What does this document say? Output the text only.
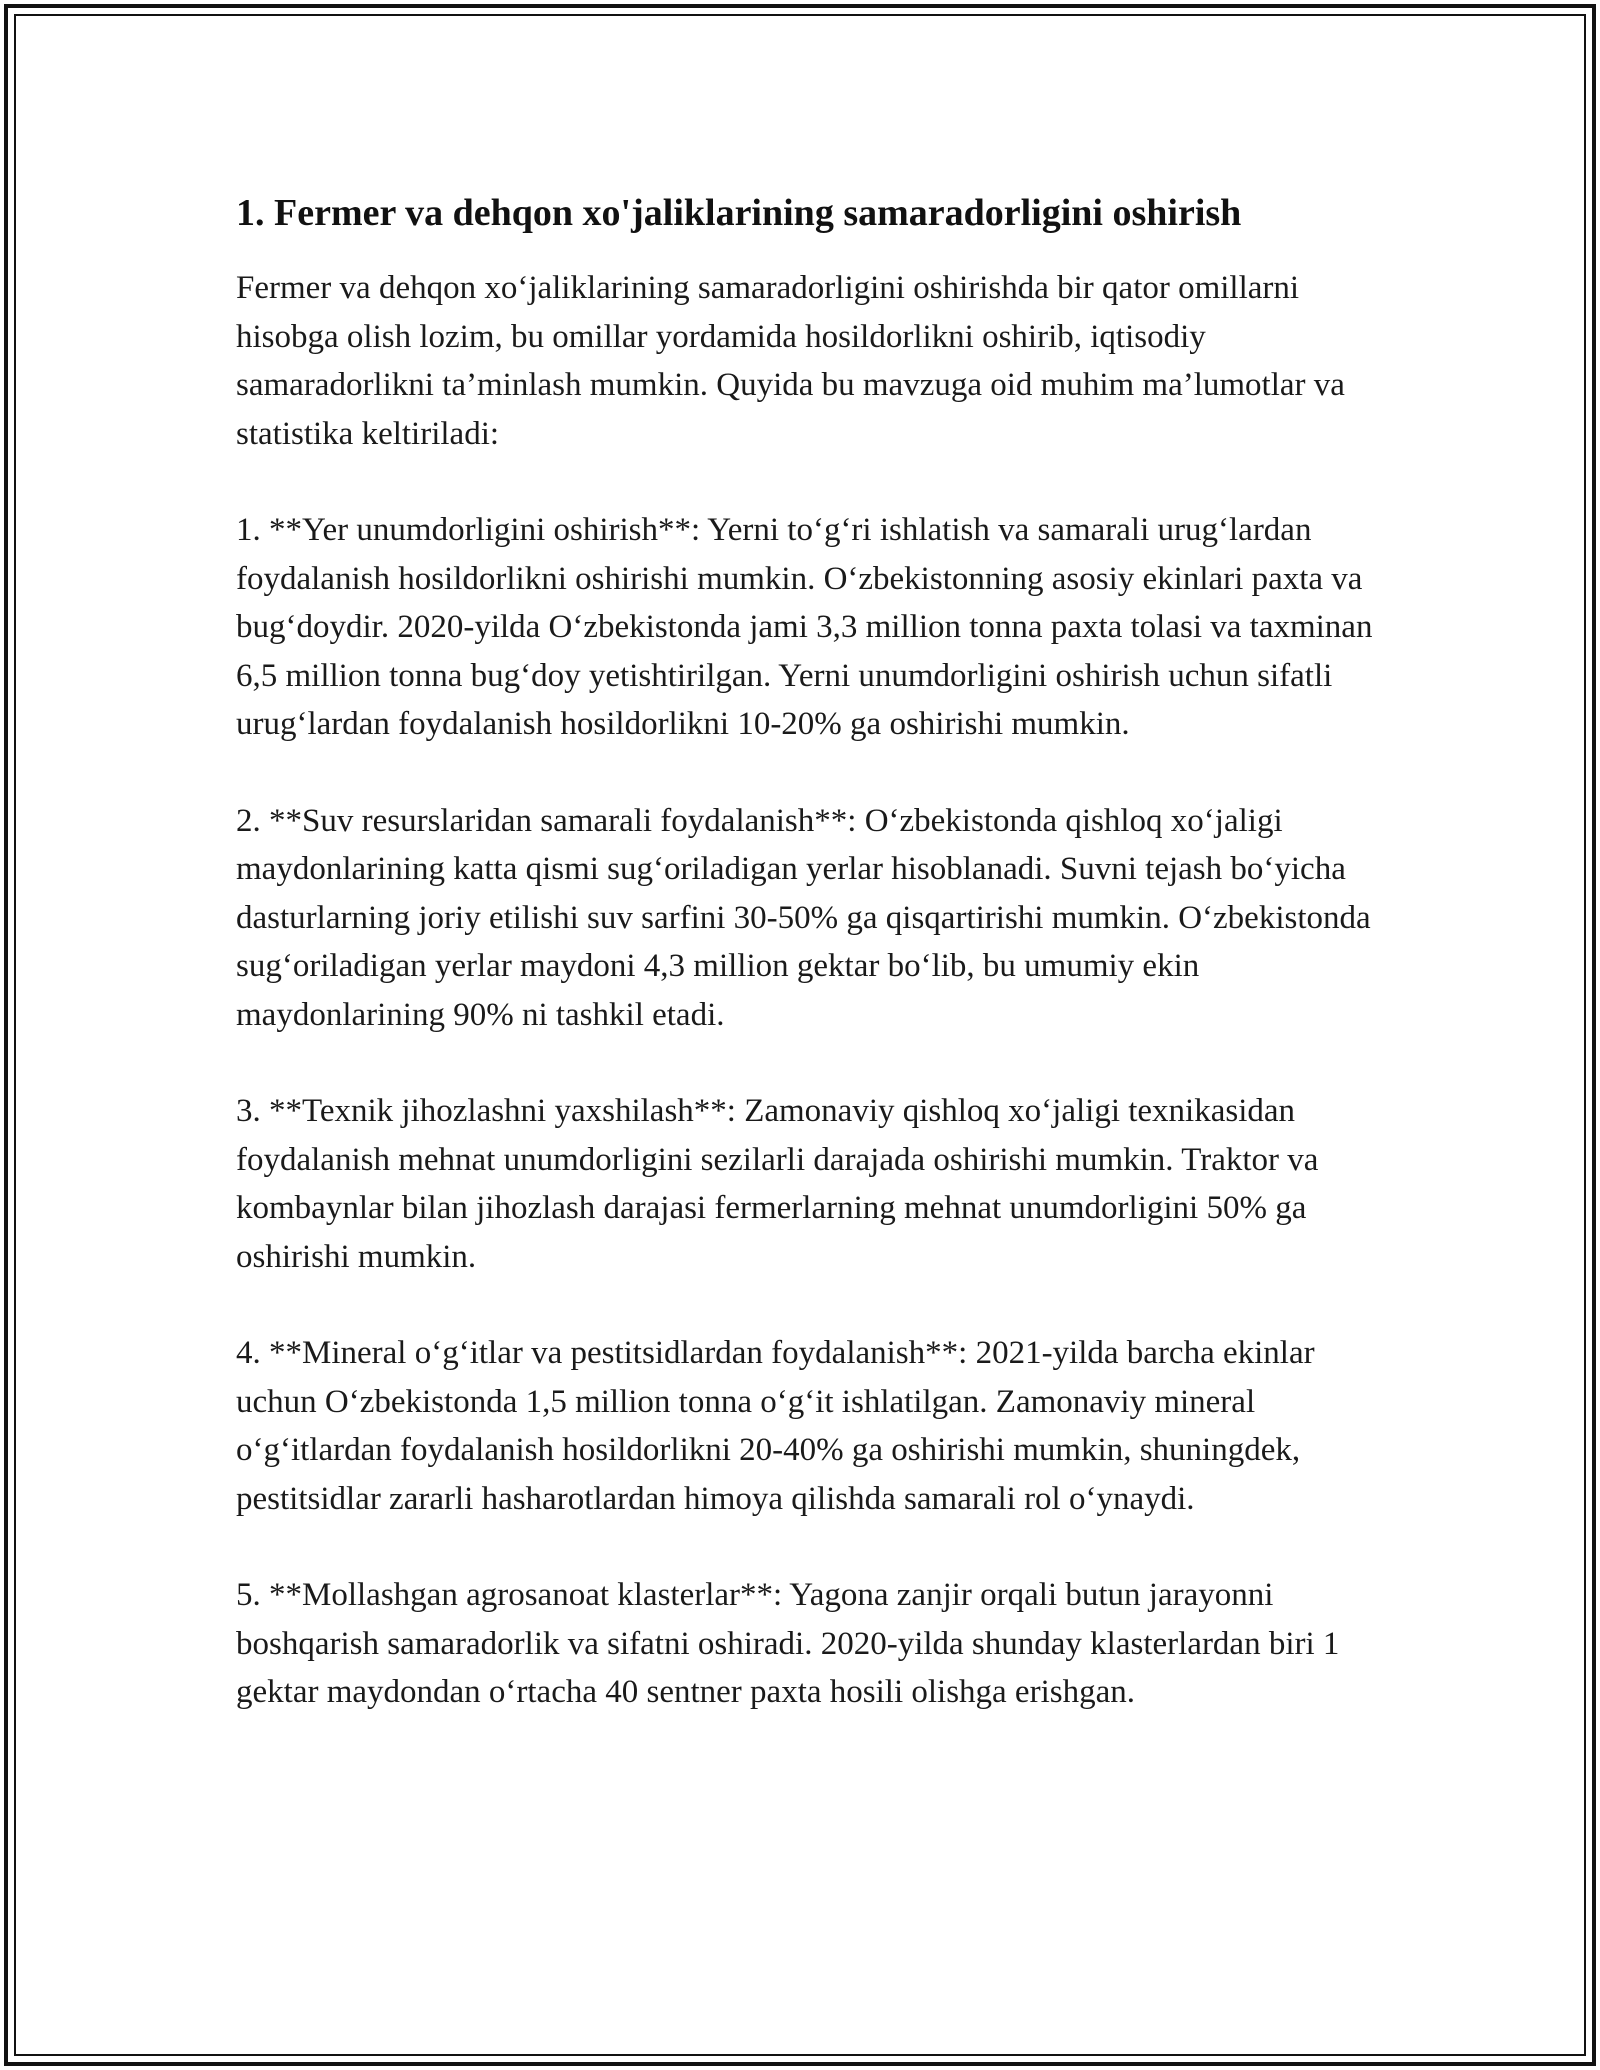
1. Fermer va dehqon xo'jaliklarining samaradorligini oshirish

Fermer va dehqon xo‘jaliklarining samaradorligini oshirishda bir qator omillarni hisobga olish lozim, bu omillar yordamida hosildorlikni oshirib, iqtisodiy samaradorlikni ta’minlash mumkin. Quyida bu mavzuga oid muhim ma’lumotlar va statistika keltiriladi:

1. **Yer unumdorligini oshirish**: Yerni to‘g‘ri ishlatish va samarali urug‘lardan foydalanish hosildorlikni oshirishi mumkin. O‘zbekistonning asosiy ekinlari paxta va bug‘doydir. 2020-yilda O‘zbekistonda jami 3,3 million tonna paxta tolasi va taxminan 6,5 million tonna bug‘doy yetishtirilgan. Yerni unumdorligini oshirish uchun sifatli urug‘lardan foydalanish hosildorlikni 10-20% ga oshirishi mumkin.

2. **Suv resurslaridan samarali foydalanish**: O‘zbekistonda qishloq xo‘jaligi maydonlarining katta qismi sug‘oriladigan yerlar hisoblanadi. Suvni tejash bo‘yicha dasturlarning joriy etilishi suv sarfini 30-50% ga qisqartirishi mumkin. O‘zbekistonda sug‘oriladigan yerlar maydoni 4,3 million gektar bo‘lib, bu umumiy ekin maydonlarining 90% ni tashkil etadi.

3. **Texnik jihozlashni yaxshilash**: Zamonaviy qishloq xo‘jaligi texnikasidan foydalanish mehnat unumdorligini sezilarli darajada oshirishi mumkin. Traktor va kombaynlar bilan jihozlash darajasi fermerlarning mehnat unumdorligini 50% ga oshirishi mumkin.

4. **Mineral o‘g‘itlar va pestitsidlardan foydalanish**: 2021-yilda barcha ekinlar uchun O‘zbekistonda 1,5 million tonna o‘g‘it ishlatilgan. Zamonaviy mineral o‘g‘itlardan foydalanish hosildorlikni 20-40% ga oshirishi mumkin, shuningdek, pestitsidlar zararli hasharotlardan himoya qilishda samarali rol o‘ynaydi.

5. **Mollashgan agrosanoat klasterlar**: Yagona zanjir orqali butun jarayonni boshqarish samaradorlik va sifatni oshiradi. 2020-yilda shunday klasterlardan biri 1 gektar maydondan o‘rtacha 40 sentner paxta hosili olishga erishgan.
